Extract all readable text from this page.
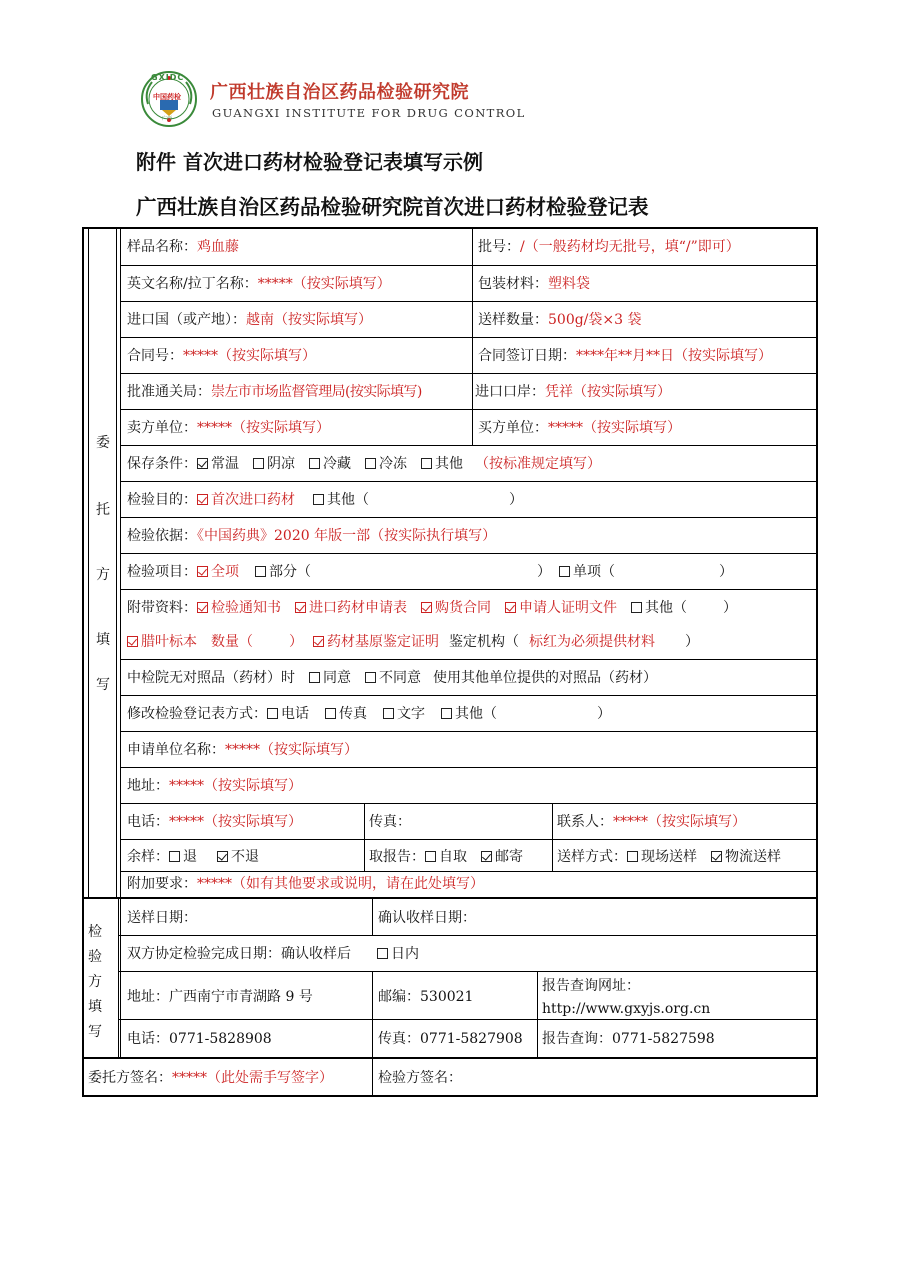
GXIDC
中国药检
广西
广西壮族自治区药品检验研究院
GUANGXI INSTITUTE FOR DRUG CONTROL
附件 首次进口药材检验登记表填写示例
广西壮族自治区药品检验研究院首次进口药材检验登记表
委
托
方
填
写
检
验
方
填
写
样品名称：鸡血藤	批号：/（一般药材均无批号，填“/”即可）
英文名称/拉丁名称：*****（按实际填写）	包装材料：塑料袋
进口国（或产地）：越南（按实际填写）	送样数量：500g/袋×3 袋
合同号：*****（按实际填写）	合同签订日期：****年**月**日（按实际填写）
批准通关局：崇左市市场监督管理局(按实际填写)	进口口岸：凭祥（按实际填写）
卖方单位：*****（按实际填写）	买方单位：*****（按实际填写）
保存条件： 常温 阴凉 冷藏 冷冻 其他 （按标准规定填写）
检验目的： 首次进口药材 其他（	）
检验依据：《中国药典》2020 年版一部（按实际执行填写）
检验项目： 全项 部分（	） 单项（	）
附带资料： 检验通知书 进口药材申请表 购货合同 申请人证明文件 其他（	）
腊叶标本 数量（	） 药材基原鉴定证明 鉴定机构（ 标红为必须提供材料 ）
中检院无对照品（药材）时 同意 不同意 使用其他单位提供的对照品（药材）
修改检验登记表方式： 电话 传真 文字 其他（	）
申请单位名称：*****（按实际填写）
地址：*****（按实际填写）
电话：*****（按实际填写）	传真：	联系人：*****（按实际填写）
余样： 退 不退	取报告： 自取 邮寄 送样方式： 现场送样 物流送样
附加要求：*****（如有其他要求或说明，请在此处填写）
送样日期：	确认收样日期：
双方协定检验完成日期：确认收样后	日内
地址：广西南宁市青湖路 9 号	邮编：530021
报告查询网址：
http://www.gxyjs.org.cn
电话：0771-5828908	传真：0771-5827908 报告查询：0771-5827598
委托方签名：*****（此处需手写签字）	检验方签名：
